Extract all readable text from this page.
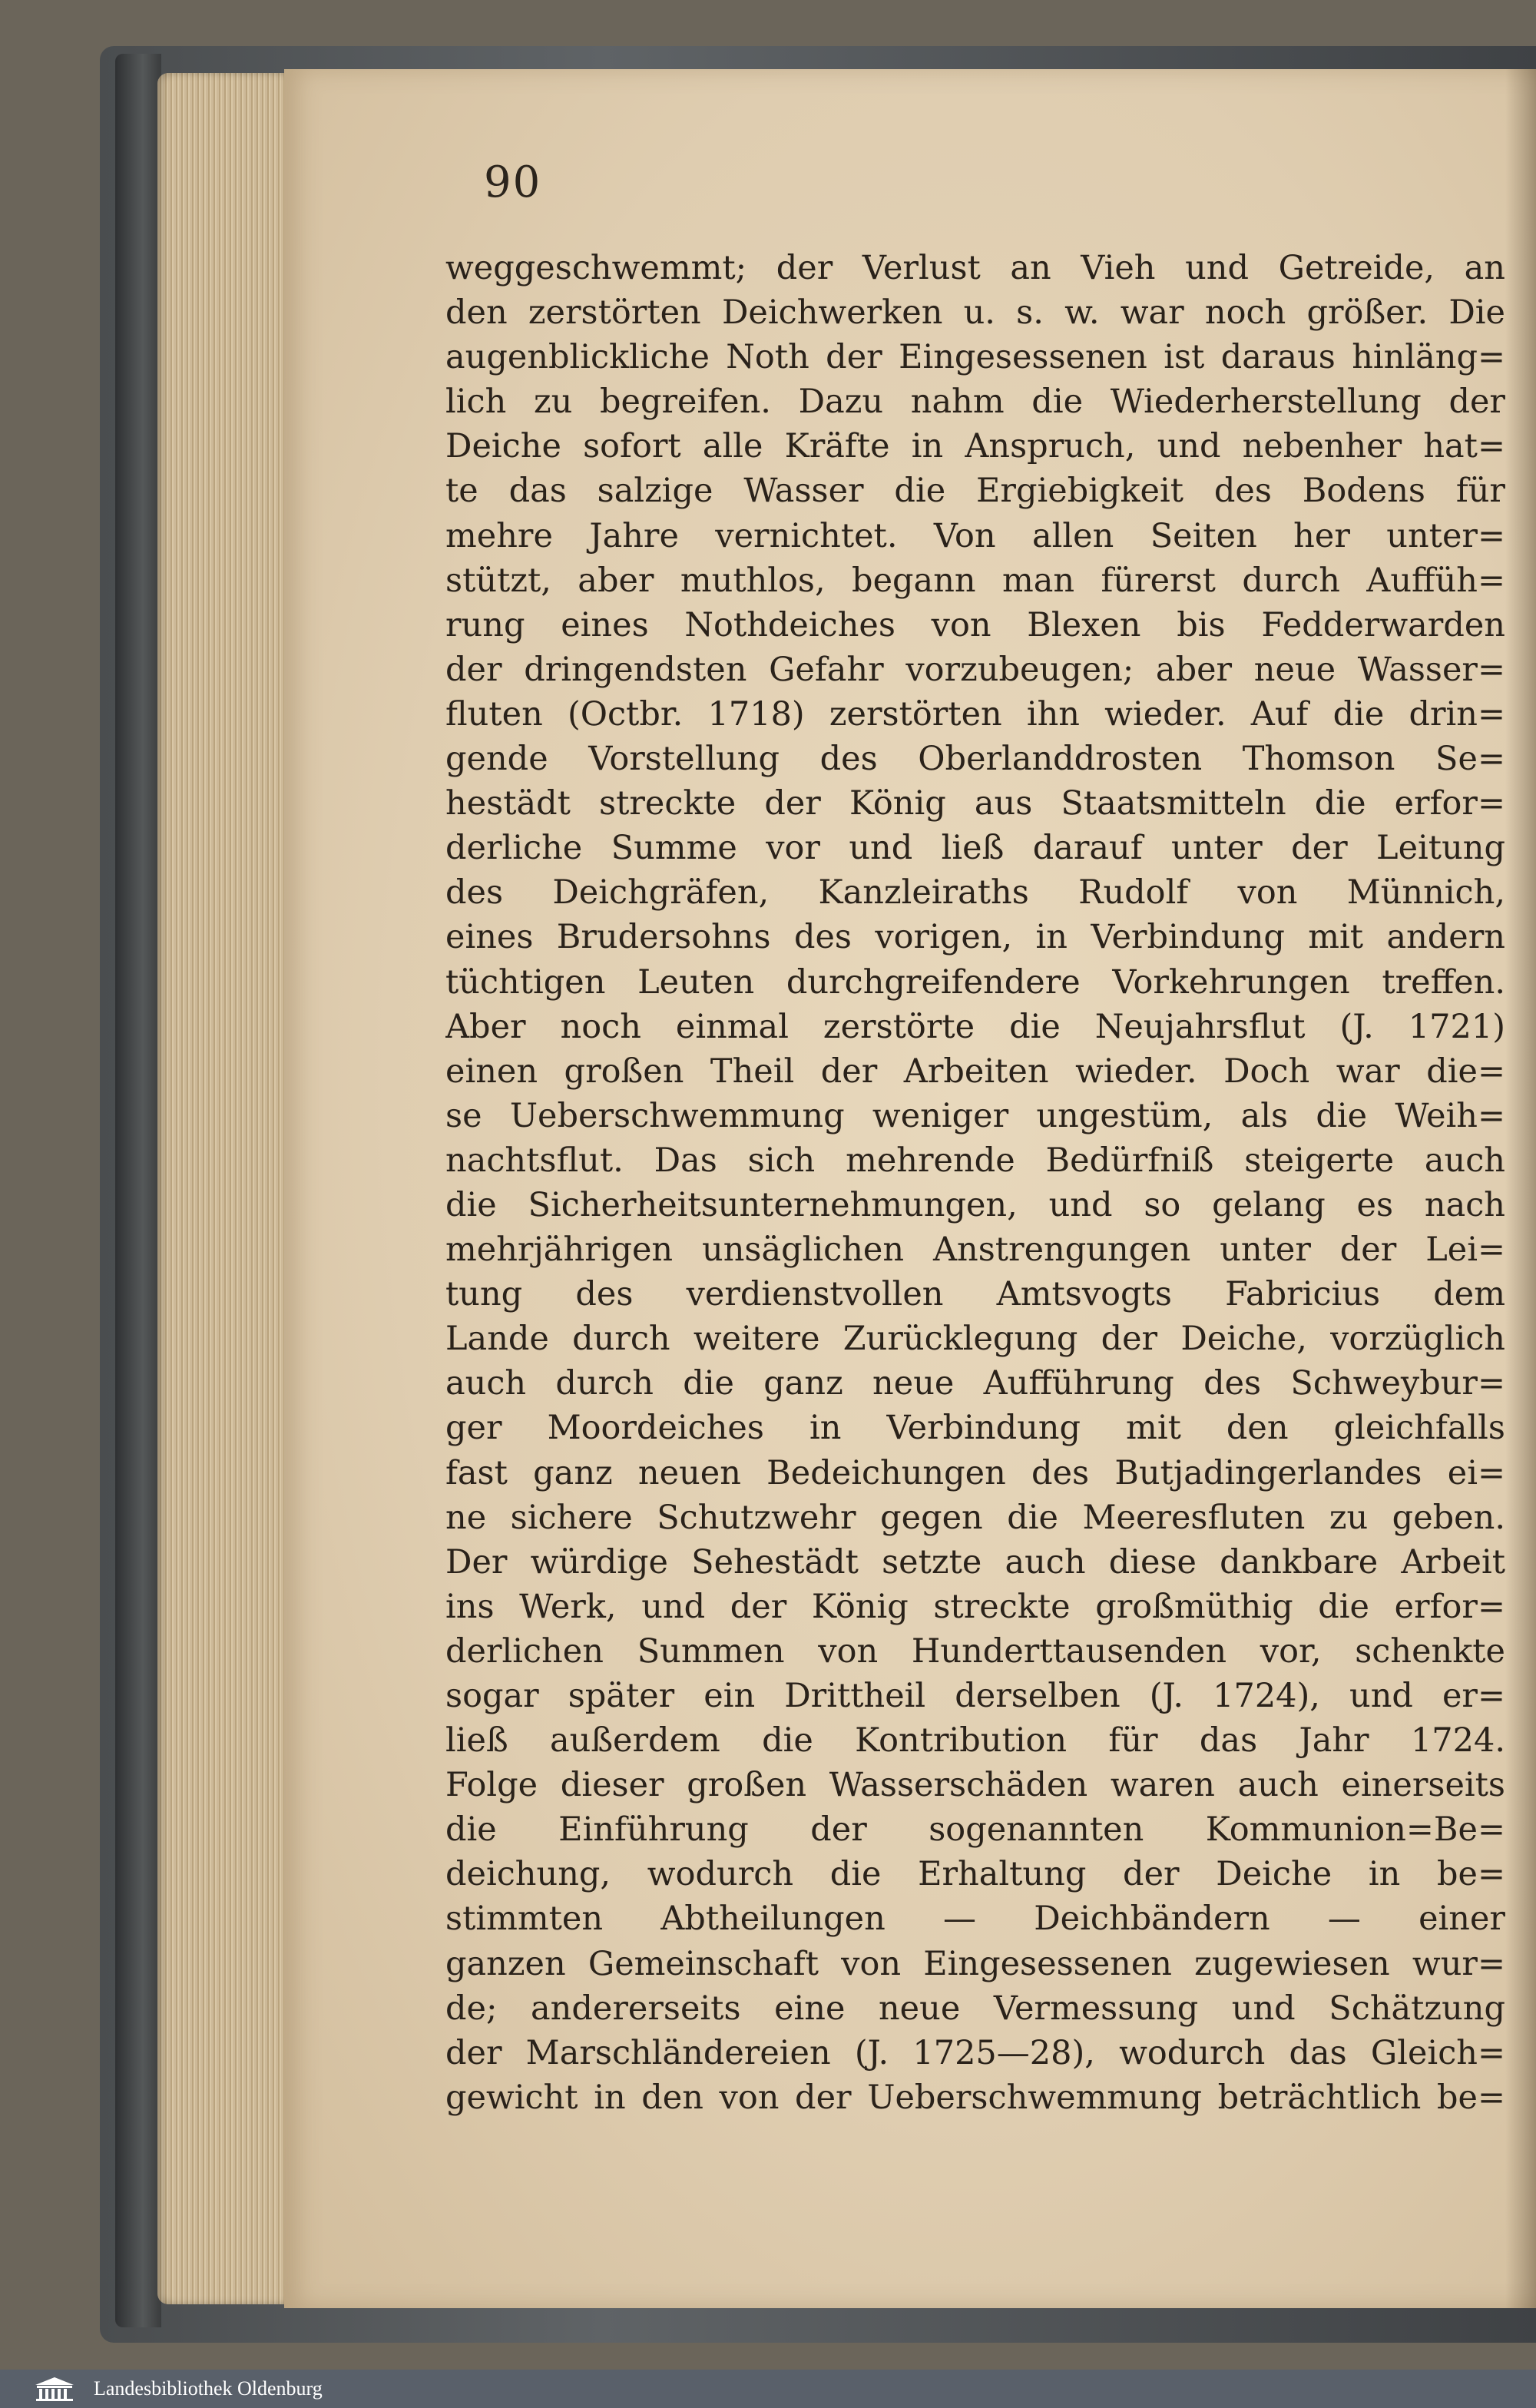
90
weggeschwemmt; der Verlust an Vieh und Getreide, an
den zerstörten Deichwerken u. s. w. war noch größer. Die
augenblickliche Noth der Eingesessenen ist daraus hinläng=
lich zu begreifen. Dazu nahm die Wiederherstellung der
Deiche sofort alle Kräfte in Anspruch, und nebenher hat=
te das salzige Wasser die Ergiebigkeit des Bodens für
mehre Jahre vernichtet. Von allen Seiten her unter=
stützt, aber muthlos, begann man fürerst durch Auffüh=
rung eines Nothdeiches von Blexen bis Fedderwarden
der dringendsten Gefahr vorzubeugen; aber neue Wasser=
fluten (Octbr. 1718) zerstörten ihn wieder. Auf die drin=
gende Vorstellung des Oberlanddrosten Thomson Se=
hestädt streckte der König aus Staatsmitteln die erfor=
derliche Summe vor und ließ darauf unter der Leitung
des Deichgräfen, Kanzleiraths Rudolf von Münnich,
eines Brudersohns des vorigen, in Verbindung mit andern
tüchtigen Leuten durchgreifendere Vorkehrungen treffen.
Aber noch einmal zerstörte die Neujahrsflut (J. 1721)
einen großen Theil der Arbeiten wieder. Doch war die=
se Ueberschwemmung weniger ungestüm, als die Weih=
nachtsflut. Das sich mehrende Bedürfniß steigerte auch
die Sicherheitsunternehmungen, und so gelang es nach
mehrjährigen unsäglichen Anstrengungen unter der Lei=
tung des verdienstvollen Amtsvogts Fabricius dem
Lande durch weitere Zurücklegung der Deiche, vorzüglich
auch durch die ganz neue Aufführung des Schweybur=
ger Moordeiches in Verbindung mit den gleichfalls
fast ganz neuen Bedeichungen des Butjadingerlandes ei=
ne sichere Schutzwehr gegen die Meeresfluten zu geben.
Der würdige Sehestädt setzte auch diese dankbare Arbeit
ins Werk, und der König streckte großmüthig die erfor=
derlichen Summen von Hunderttausenden vor, schenkte
sogar später ein Drittheil derselben (J. 1724), und er=
ließ außerdem die Kontribution für das Jahr 1724.
Folge dieser großen Wasserschäden waren auch einerseits
die Einführung der sogenannten Kommunion=Be=
deichung, wodurch die Erhaltung der Deiche in be=
stimmten Abtheilungen — Deichbändern — einer
ganzen Gemeinschaft von Eingesessenen zugewiesen wur=
de; andererseits eine neue Vermessung und Schätzung
der Marschländereien (J. 1725—28), wodurch das Gleich=
gewicht in den von der Ueberschwemmung beträchtlich be=
Landesbibliothek Oldenburg
